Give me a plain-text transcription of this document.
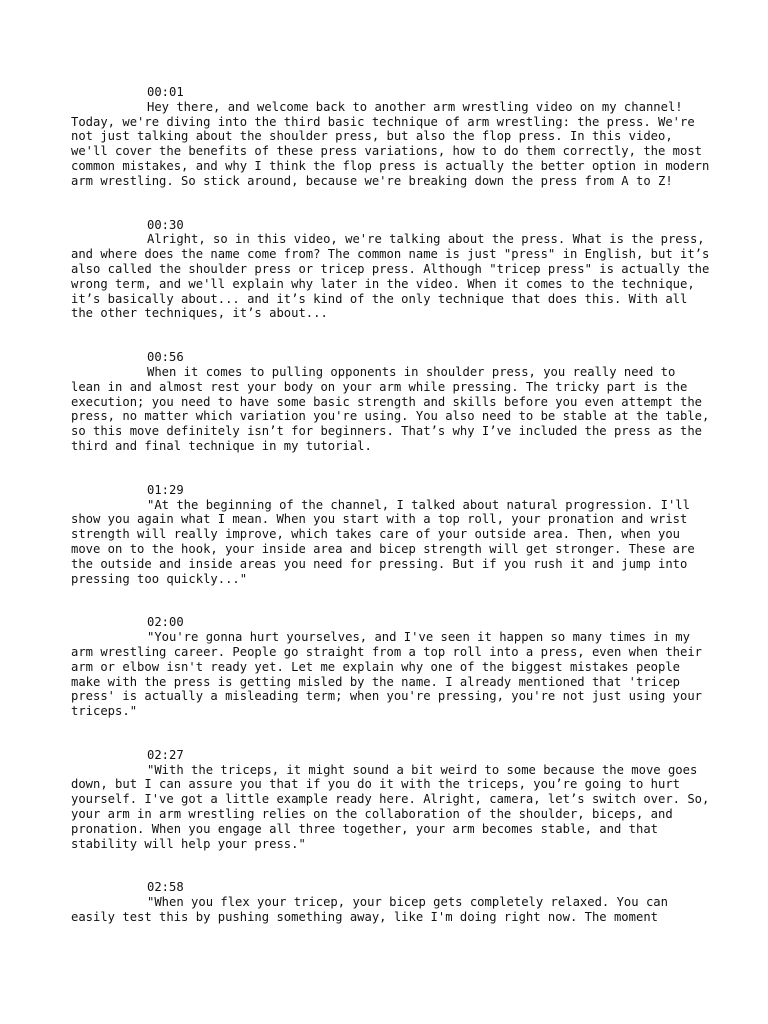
00:01
Hey there, and welcome back to another arm wrestling video on my channel! Today, we're diving into the third basic technique of arm wrestling: the press. We're not just talking about the shoulder press, but also the flop press. In this video, we'll cover the benefits of these press variations, how to do them correctly, the most common mistakes, and why I think the flop press is actually the better option in modern arm wrestling. So stick around, because we're breaking down the press from A to Z!
00:30
Alright, so in this video, we're talking about the press. What is the press, and where does the name come from? The common name is just "press" in English, but it’s also called the shoulder press or tricep press. Although "tricep press" is actually the wrong term, and we'll explain why later in the video. When it comes to the technique, it’s basically about... and it’s kind of the only technique that does this. With all the other techniques, it’s about...
00:56
When it comes to pulling opponents in shoulder press, you really need to lean in and almost rest your body on your arm while pressing. The tricky part is the execution; you need to have some basic strength and skills before you even attempt the press, no matter which variation you're using. You also need to be stable at the table, so this move definitely isn’t for beginners. That’s why I’ve included the press as the third and final technique in my tutorial.
01:29
"At the beginning of the channel, I talked about natural progression. I'll show you again what I mean. When you start with a top roll, your pronation and wrist strength will really improve, which takes care of your outside area. Then, when you move on to the hook, your inside area and bicep strength will get stronger. These are the outside and inside areas you need for pressing. But if you rush it and jump into pressing too quickly..."
02:00
"You're gonna hurt yourselves, and I've seen it happen so many times in my arm wrestling career. People go straight from a top roll into a press, even when their arm or elbow isn't ready yet. Let me explain why one of the biggest mistakes people make with the press is getting misled by the name. I already mentioned that 'tricep press' is actually a misleading term; when you're pressing, you're not just using your triceps."
02:27
"With the triceps, it might sound a bit weird to some because the move goes down, but I can assure you that if you do it with the triceps, you’re going to hurt yourself. I've got a little example ready here. Alright, camera, let’s switch over. So, your arm in arm wrestling relies on the collaboration of the shoulder, biceps, and pronation. When you engage all three together, your arm becomes stable, and that stability will help your press."
02:58
"When you flex your tricep, your bicep gets completely relaxed. You can easily test this by pushing something away, like I'm doing right now. The moment
